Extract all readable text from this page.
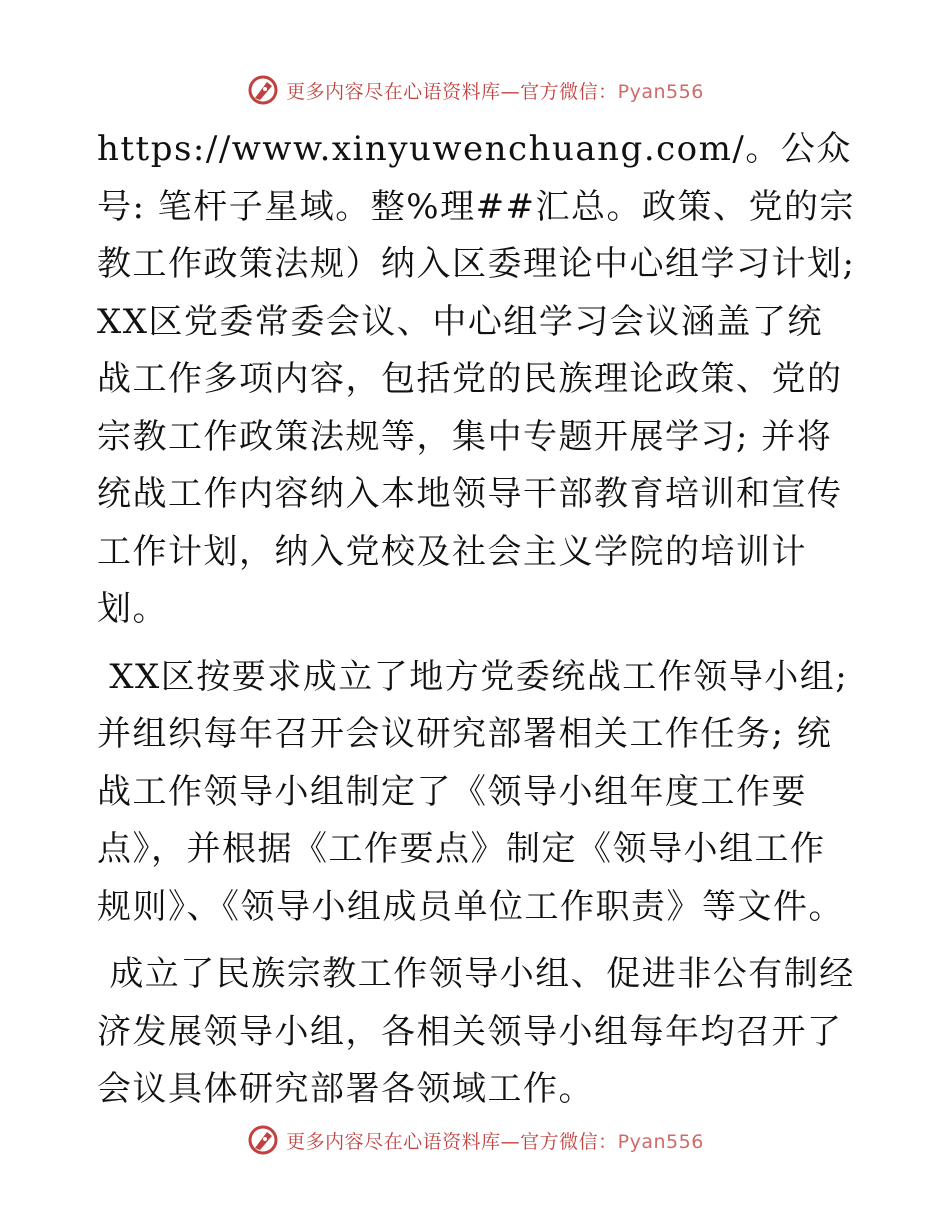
更多内容尽在心语资料库—官方微信：Pyan556

https://www.xinyuwenchuang.com/。公众号: 笔杆子星域。整%理##汇总。政策、党的宗教工作政策法规）纳入区委理论中心组学习计划; XX区党委常委会议、中心组学习会议涵盖了统战工作多项内容，包括党的民族理论政策、党的宗教工作政策法规等，集中专题开展学习; 并将统战工作内容纳入本地领导干部教育培训和宣传工作计划，纳入党校及社会主义学院的培训计划。

XX区按要求成立了地方党委统战工作领导小组; 并组织每年召开会议研究部署相关工作任务; 统战工作领导小组制定了《领导小组年度工作要点》，并根据《工作要点》制定《领导小组工作规则》、《领导小组成员单位工作职责》等文件。

成立了民族宗教工作领导小组、促进非公有制经济发展领导小组，各相关领导小组每年均召开了会议具体研究部署各领域工作。

更多内容尽在心语资料库—官方微信：Pyan556
